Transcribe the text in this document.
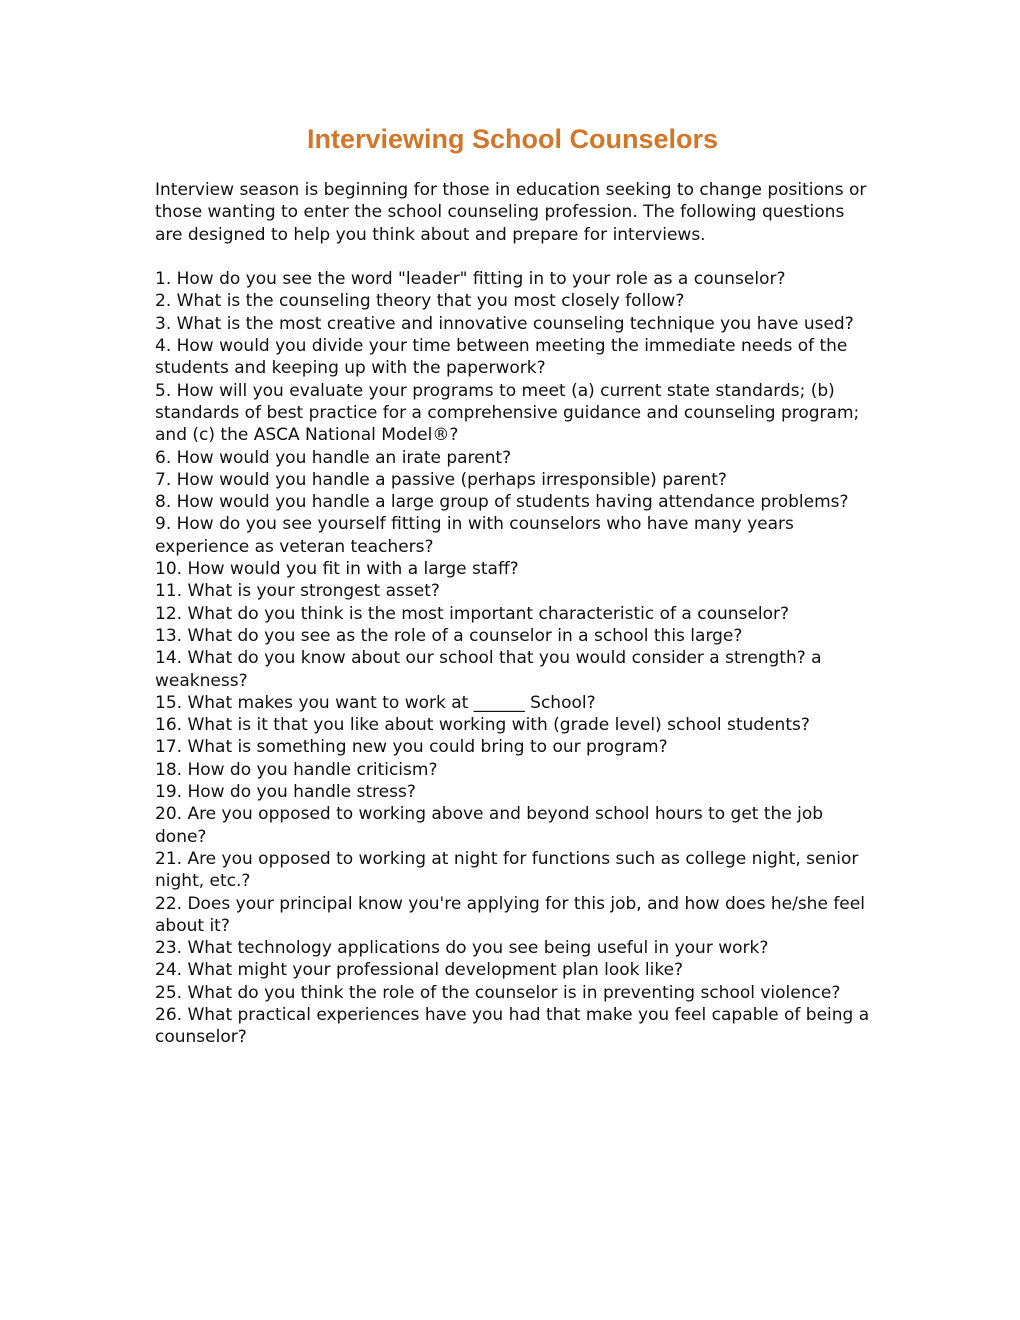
Interviewing School Counselors

Interview season is beginning for those in education seeking to change positions or those wanting to enter the school counseling profession. The following questions are designed to help you think about and prepare for interviews.

1. How do you see the word "leader" fitting in to your role as a counselor?
2. What is the counseling theory that you most closely follow?
3. What is the most creative and innovative counseling technique you have used?
4. How would you divide your time between meeting the immediate needs of the students and keeping up with the paperwork?
5. How will you evaluate your programs to meet (a) current state standards; (b) standards of best practice for a comprehensive guidance and counseling program; and (c) the ASCA National Model®?
6. How would you handle an irate parent?
7. How would you handle a passive (perhaps irresponsible) parent?
8. How would you handle a large group of students having attendance problems?
9. How do you see yourself fitting in with counselors who have many years experience as veteran teachers?
10. How would you fit in with a large staff?
11. What is your strongest asset?
12. What do you think is the most important characteristic of a counselor?
13. What do you see as the role of a counselor in a school this large?
14. What do you know about our school that you would consider a strength? a weakness?
15. What makes you want to work at ______ School?
16. What is it that you like about working with (grade level) school students?
17. What is something new you could bring to our program?
18. How do you handle criticism?
19. How do you handle stress?
20. Are you opposed to working above and beyond school hours to get the job done?
21. Are you opposed to working at night for functions such as college night, senior night, etc.?
22. Does your principal know you're applying for this job, and how does he/she feel about it?
23. What technology applications do you see being useful in your work?
24. What might your professional development plan look like?
25. What do you think the role of the counselor is in preventing school violence?
26. What practical experiences have you had that make you feel capable of being a counselor?
